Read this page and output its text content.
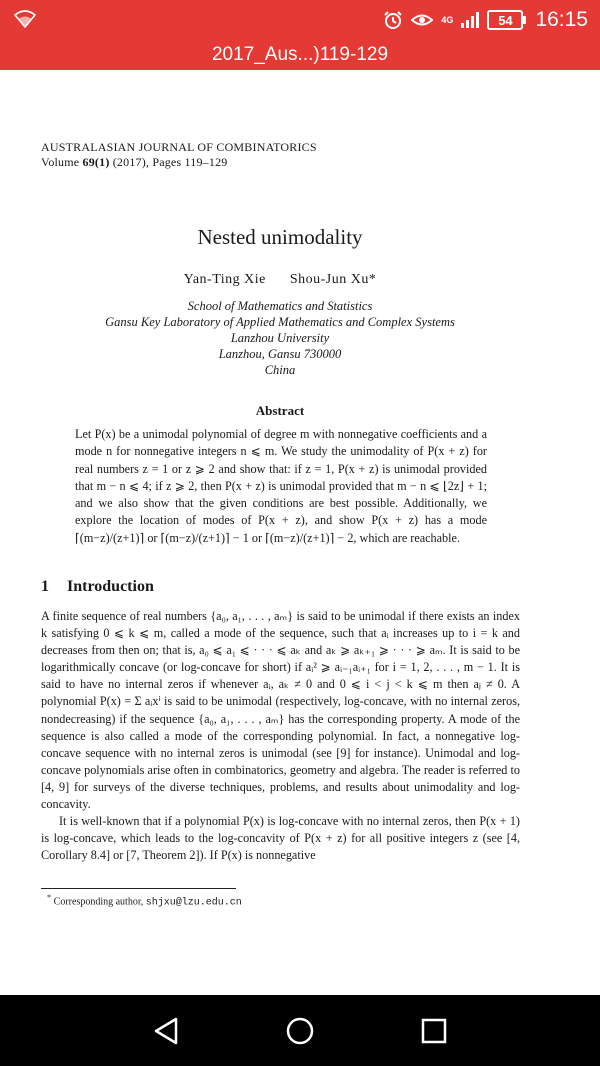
4G	54	16:15
2017_Aus...)119-129
AUSTRALASIAN JOURNAL OF COMBINATORICS
Volume 69(1) (2017), Pages 119–129
Nested unimodality
Yan-Ting Xie Shou-Jun Xu*
School of Mathematics and Statistics
Gansu Key Laboratory of Applied Mathematics and Complex Systems
Lanzhou University
Lanzhou, Gansu 730000
China
Abstract
Let P(x) be a unimodal polynomial of degree m with nonnegative coefficients and a mode n for nonnegative integers n ⩽ m. We study the unimodality of P(x + z) for real numbers z = 1 or z ⩾ 2 and show that: if z = 1, P(x + z) is unimodal provided that m − n ⩽ 4; if z ⩾ 2, then P(x + z) is unimodal provided that m − n ⩽ ⌊2z⌋ + 1; and we also show that the given conditions are best possible. Additionally, we explore the location of modes of P(x + z), and show P(x + z) has a mode ⌈(m−z)/(z+1)⌉ or ⌈(m−z)/(z+1)⌉ − 1 or ⌈(m−z)/(z+1)⌉ − 2, which are reachable.
1 Introduction

A finite sequence of real numbers {a₀, a₁, . . . , aₘ} is said to be unimodal if there exists an index k satisfying 0 ⩽ k ⩽ m, called a mode of the sequence, such that aᵢ increases up to i = k and decreases from then on; that is, a₀ ⩽ a₁ ⩽ · · · ⩽ aₖ and aₖ ⩾ aₖ₊₁ ⩾ · · · ⩾ aₘ. It is said to be logarithmically concave (or log-concave for short) if aᵢ² ⩾ aᵢ₋₁aᵢ₊₁ for i = 1, 2, . . . , m − 1. It is said to have no internal zeros if whenever aᵢ, aₖ ≠ 0 and 0 ⩽ i < j < k ⩽ m then aⱼ ≠ 0. A polynomial P(x) = Σ aᵢxⁱ is said to be unimodal (respectively, log-concave, with no internal zeros, nondecreasing) if the sequence {a₀, a₁, . . . , aₘ} has the corresponding property. A mode of the sequence is also called a mode of the corresponding polynomial. In fact, a nonnegative log-concave sequence with no internal zeros is unimodal (see [9] for instance). Unimodal and log-concave polynomials arise often in combinatorics, geometry and algebra. The reader is referred to [4, 9] for surveys of the diverse techniques, problems, and results about unimodality and log-concavity.

It is well-known that if a polynomial P(x) is log-concave with no internal zeros, then P(x + 1) is log-concave, which leads to the log-concavity of P(x + z) for all positive integers z (see [4, Corollary 8.4] or [7, Theorem 2]). If P(x) is nonnegative

* Corresponding author, shjxu@lzu.edu.cn
